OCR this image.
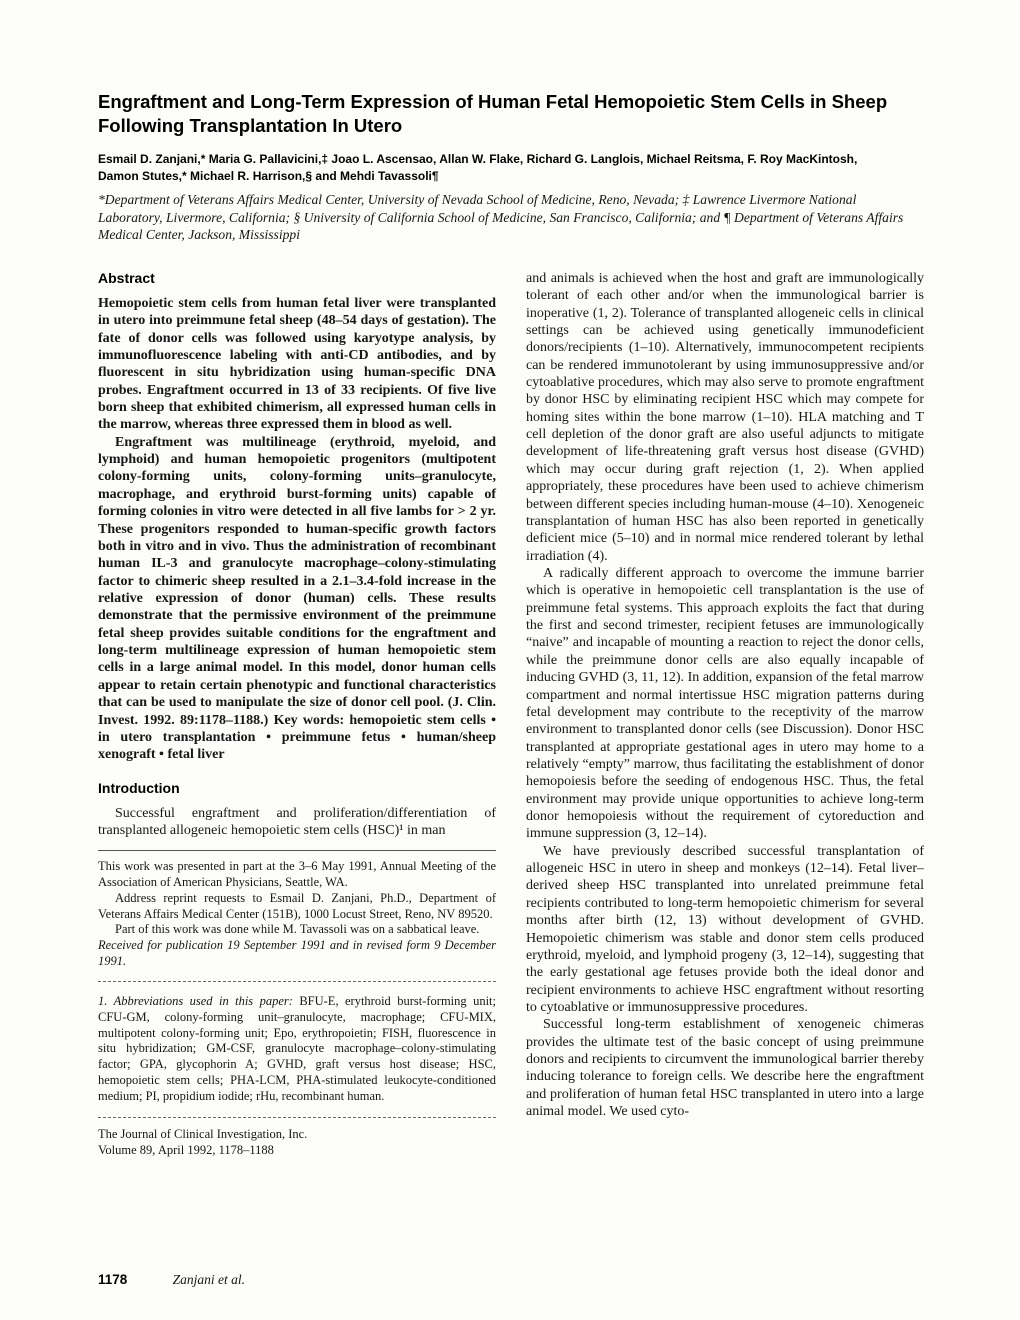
Engraftment and Long-Term Expression of Human Fetal Hemopoietic Stem Cells in Sheep Following Transplantation In Utero

Esmail D. Zanjani,* Maria G. Pallavicini,‡ Joao L. Ascensao, Allan W. Flake, Richard G. Langlois, Michael Reitsma, F. Roy MacKintosh, Damon Stutes,* Michael R. Harrison,§ and Mehdi Tavassoli¶

*Department of Veterans Affairs Medical Center, University of Nevada School of Medicine, Reno, Nevada; ‡ Lawrence Livermore National Laboratory, Livermore, California; § University of California School of Medicine, San Francisco, California; and ¶ Department of Veterans Affairs Medical Center, Jackson, Mississippi

Abstract

Hemopoietic stem cells from human fetal liver were transplanted in utero into preimmune fetal sheep (48–54 days of gestation). The fate of donor cells was followed using karyotype analysis, by immunofluorescence labeling with anti-CD antibodies, and by fluorescent in situ hybridization using human-specific DNA probes. Engraftment occurred in 13 of 33 recipients. Of five live born sheep that exhibited chimerism, all expressed human cells in the marrow, whereas three expressed them in blood as well.

Engraftment was multilineage (erythroid, myeloid, and lymphoid) and human hemopoietic progenitors (multipotent colony-forming units, colony-forming units–granulocyte, macrophage, and erythroid burst-forming units) capable of forming colonies in vitro were detected in all five lambs for > 2 yr. These progenitors responded to human-specific growth factors both in vitro and in vivo. Thus the administration of recombinant human IL-3 and granulocyte macrophage–colony-stimulating factor to chimeric sheep resulted in a 2.1–3.4-fold increase in the relative expression of donor (human) cells. These results demonstrate that the permissive environment of the preimmune fetal sheep provides suitable conditions for the engraftment and long-term multilineage expression of human hemopoietic stem cells in a large animal model. In this model, donor human cells appear to retain certain phenotypic and functional characteristics that can be used to manipulate the size of donor cell pool. (J. Clin. Invest. 1992. 89:1178–1188.) Key words: hemopoietic stem cells • in utero transplantation • preimmune fetus • human/sheep xenograft • fetal liver

Introduction

Successful engraftment and proliferation/differentiation of transplanted allogeneic hemopoietic stem cells (HSC)¹ in man

This work was presented in part at the 3–6 May 1991, Annual Meeting of the Association of American Physicians, Seattle, WA.

Address reprint requests to Esmail D. Zanjani, Ph.D., Department of Veterans Affairs Medical Center (151B), 1000 Locust Street, Reno, NV 89520.

Part of this work was done while M. Tavassoli was on a sabbatical leave.

Received for publication 19 September 1991 and in revised form 9 December 1991.

1. Abbreviations used in this paper: BFU-E, erythroid burst-forming unit; CFU-GM, colony-forming unit–granulocyte, macrophage; CFU-MIX, multipotent colony-forming unit; Epo, erythropoietin; FISH, fluorescence in situ hybridization; GM-CSF, granulocyte macrophage–colony-stimulating factor; GPA, glycophorin A; GVHD, graft versus host disease; HSC, hemopoietic stem cells; PHA-LCM, PHA-stimulated leukocyte-conditioned medium; PI, propidium iodide; rHu, recombinant human.

The Journal of Clinical Investigation, Inc.

Volume 89, April 1992, 1178–1188

and animals is achieved when the host and graft are immunologically tolerant of each other and/or when the immunological barrier is inoperative (1, 2). Tolerance of transplanted allogeneic cells in clinical settings can be achieved using genetically immunodeficient donors/recipients (1–10). Alternatively, immunocompetent recipients can be rendered immunotolerant by using immunosuppressive and/or cytoablative procedures, which may also serve to promote engraftment by donor HSC by eliminating recipient HSC which may compete for homing sites within the bone marrow (1–10). HLA matching and T cell depletion of the donor graft are also useful adjuncts to mitigate development of life-threatening graft versus host disease (GVHD) which may occur during graft rejection (1, 2). When applied appropriately, these procedures have been used to achieve chimerism between different species including human-mouse (4–10). Xenogeneic transplantation of human HSC has also been reported in genetically deficient mice (5–10) and in normal mice rendered tolerant by lethal irradiation (4).

A radically different approach to overcome the immune barrier which is operative in hemopoietic cell transplantation is the use of preimmune fetal systems. This approach exploits the fact that during the first and second trimester, recipient fetuses are immunologically “naive” and incapable of mounting a reaction to reject the donor cells, while the preimmune donor cells are also equally incapable of inducing GVHD (3, 11, 12). In addition, expansion of the fetal marrow compartment and normal intertissue HSC migration patterns during fetal development may contribute to the receptivity of the marrow environment to transplanted donor cells (see Discussion). Donor HSC transplanted at appropriate gestational ages in utero may home to a relatively “empty” marrow, thus facilitating the establishment of donor hemopoiesis before the seeding of endogenous HSC. Thus, the fetal environment may provide unique opportunities to achieve long-term donor hemopoiesis without the requirement of cytoreduction and immune suppression (3, 12–14).

We have previously described successful transplantation of allogeneic HSC in utero in sheep and monkeys (12–14). Fetal liver–derived sheep HSC transplanted into unrelated preimmune fetal recipients contributed to long-term hemopoietic chimerism for several months after birth (12, 13) without development of GVHD. Hemopoietic chimerism was stable and donor stem cells produced erythroid, myeloid, and lymphoid progeny (3, 12–14), suggesting that the early gestational age fetuses provide both the ideal donor and recipient environments to achieve HSC engraftment without resorting to cytoablative or immunosuppressive procedures.

Successful long-term establishment of xenogeneic chimeras provides the ultimate test of the basic concept of using preimmune donors and recipients to circumvent the immunological barrier thereby inducing tolerance to foreign cells. We describe here the engraftment and proliferation of human fetal HSC transplanted in utero into a large animal model. We used cyto-

1178	Zanjani et al.
